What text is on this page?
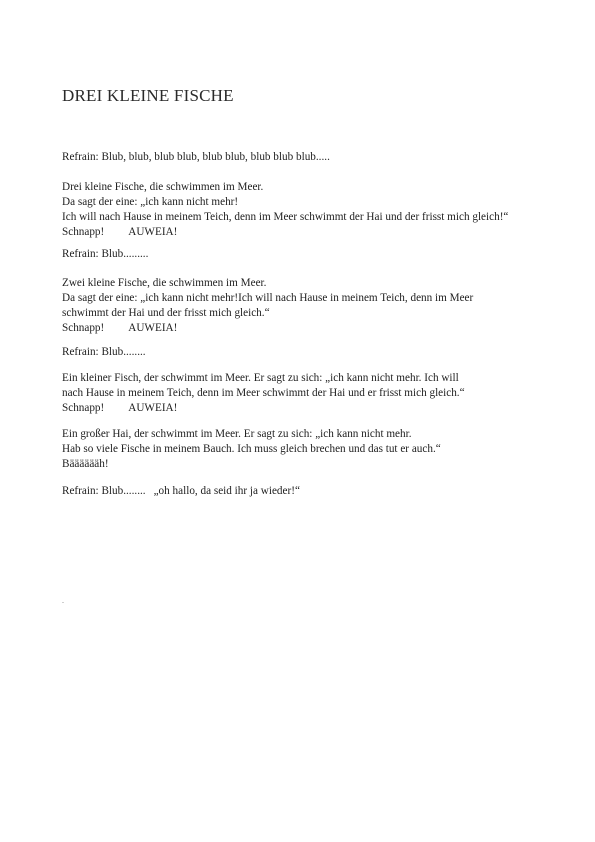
DREI KLEINE FISCHE
Refrain: Blub, blub, blub blub, blub blub, blub blub blub.....
Drei kleine Fische, die schwimmen im Meer.
Da sagt der eine: „ich kann nicht mehr!
Ich will nach Hause in meinem Teich, denn im Meer schwimmt der Hai und der frisst mich gleich!“
Schnapp! AUWEIA!
Refrain: Blub.........
Zwei kleine Fische, die schwimmen im Meer.
Da sagt der eine: „ich kann nicht mehr!Ich will nach Hause in meinem Teich, denn im Meer
schwimmt der Hai und der frisst mich gleich.“
Schnapp! AUWEIA!
Refrain: Blub........
Ein kleiner Fisch, der schwimmt im Meer. Er sagt zu sich: „ich kann nicht mehr. Ich will
nach Hause in meinem Teich, denn im Meer schwimmt der Hai und er frisst mich gleich.“
Schnapp! AUWEIA!
Ein großer Hai, der schwimmt im Meer. Er sagt zu sich: „ich kann nicht mehr.
Hab so viele Fische in meinem Bauch. Ich muss gleich brechen und das tut er auch.“
Bääääääh!
Refrain: Blub........ „oh hallo, da seid ihr ja wieder!“
